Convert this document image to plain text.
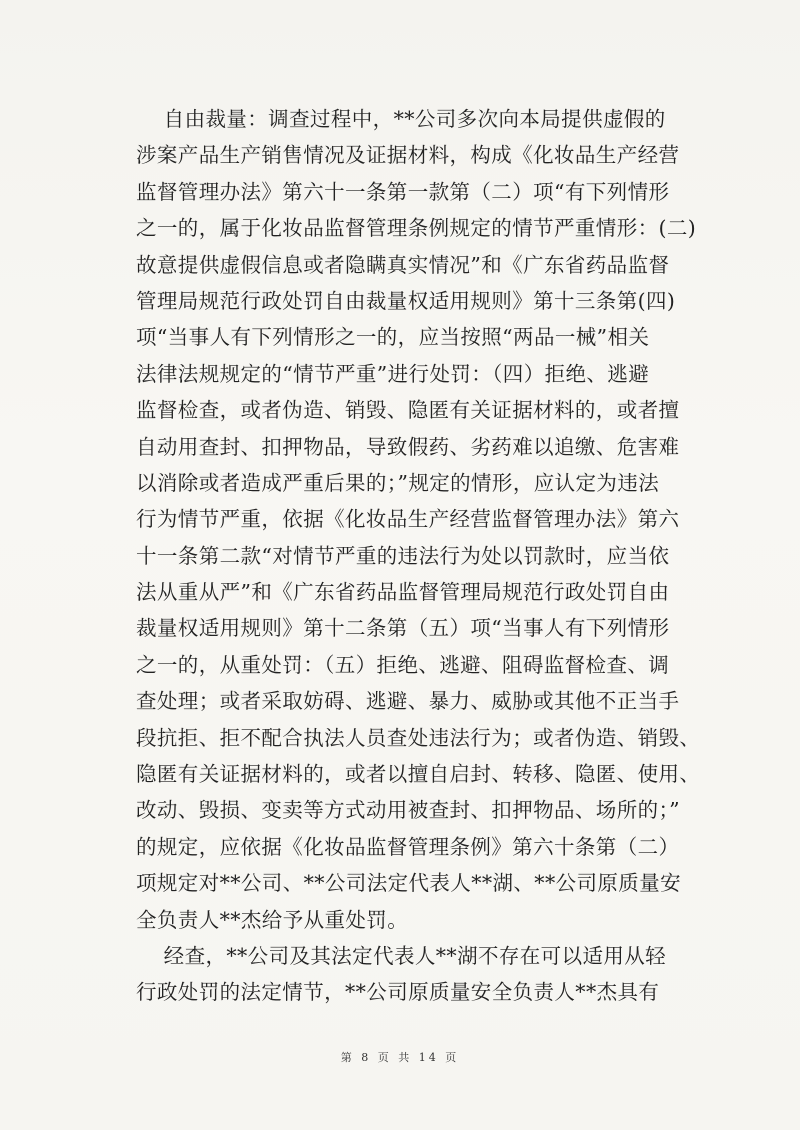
自由裁量：调查过程中，**公司多次向本局提供虚假的
涉案产品生产销售情况及证据材料，构成《化妆品生产经营
监督管理办法》第六十一条第一款第（二）项“有下列情形
之一的，属于化妆品监督管理条例规定的情节严重情形：(二)
故意提供虚假信息或者隐瞒真实情况”和《广东省药品监督
管理局规范行政处罚自由裁量权适用规则》第十三条第(四)
项“当事人有下列情形之一的，应当按照“两品一械”相关
法律法规规定的“情节严重”进行处罚：（四）拒绝、逃避
监督检查，或者伪造、销毁、隐匿有关证据材料的，或者擅
自动用查封、扣押物品，导致假药、劣药难以追缴、危害难
以消除或者造成严重后果的；”规定的情形，应认定为违法
行为情节严重，依据《化妆品生产经营监督管理办法》第六
十一条第二款“对情节严重的违法行为处以罚款时，应当依
法从重从严”和《广东省药品监督管理局规范行政处罚自由
裁量权适用规则》第十二条第（五）项“当事人有下列情形
之一的，从重处罚：（五）拒绝、逃避、阻碍监督检查、调
查处理；或者采取妨碍、逃避、暴力、威胁或其他不正当手
段抗拒、拒不配合执法人员查处违法行为；或者伪造、销毁、
隐匿有关证据材料的，或者以擅自启封、转移、隐匿、使用、
改动、毁损、变卖等方式动用被查封、扣押物品、场所的；”
的规定，应依据《化妆品监督管理条例》第六十条第（二）
项规定对**公司、**公司法定代表人**湖、**公司原质量安
全负责人**杰给予从重处罚。
经查，**公司及其法定代表人**湖不存在可以适用从轻
行政处罚的法定情节，**公司原质量安全负责人**杰具有
第 8 页 共 14 页
